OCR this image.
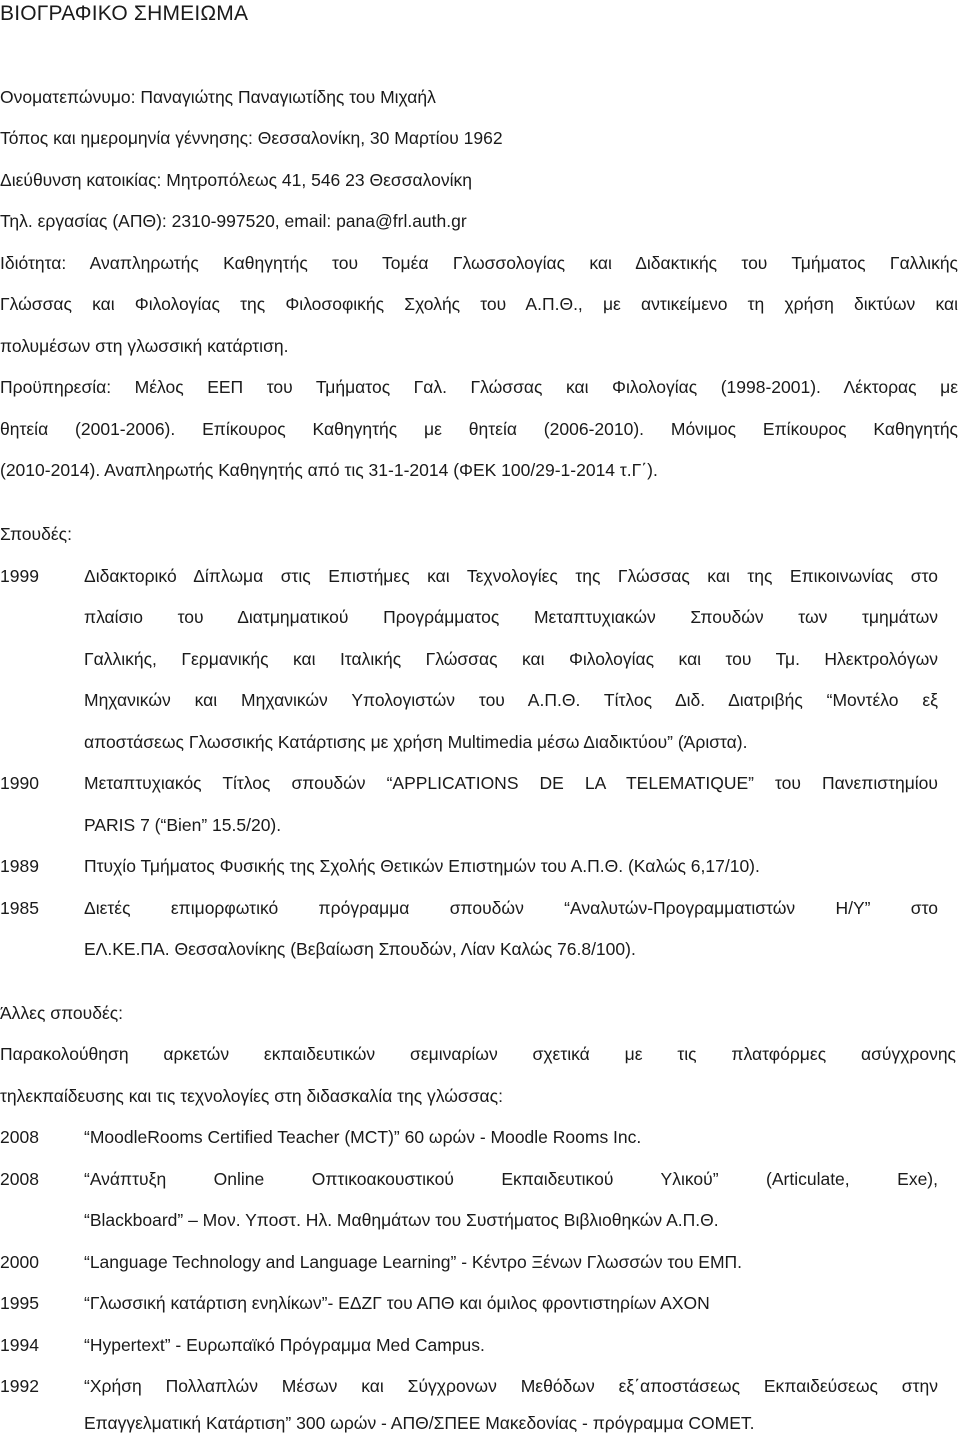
ΒΙΟΓΡΑΦΙΚΟ ΣΗΜΕΙΩΜΑ
Ονοματεπώνυμο: Παναγιώτης Παναγιωτίδης του Μιχαήλ
Τόπος και ημερομηνία γέννησης: Θεσσαλονίκη, 30 Μαρτίου 1962
Διεύθυνση κατοικίας: Μητροπόλεως 41, 546 23 Θεσσαλονίκη
Τηλ. εργασίας (ΑΠΘ): 2310-997520, email: pana@frl.auth.gr
Ιδιότητα: Αναπληρωτής Καθηγητής του Τομέα Γλωσσολογίας και Διδακτικής του Τμήματος Γαλλικής
Γλώσσας και Φιλολογίας της Φιλοσοφικής Σχολής του Α.Π.Θ., με αντικείμενο τη χρήση δικτύων και
πολυμέσων στη γλωσσική κατάρτιση.
Προϋπηρεσία: Μέλος ΕΕΠ του Τμήματος Γαλ. Γλώσσας και Φιλολογίας (1998-2001). Λέκτορας με
θητεία (2001-2006). Επίκουρος Καθηγητής με θητεία (2006-2010). Μόνιμος Επίκουρος Καθηγητής
(2010-2014). Αναπληρωτής Καθηγητής από τις 31-1-2014 (ΦΕΚ 100/29-1-2014 τ.Γ΄).
Σπουδές:
1999	Διδακτορικό Δίπλωμα στις Επιστήμες και Τεχνολογίες της Γλώσσας και της Επικοινωνίας στο
πλαίσιο του Διατμηματικού Προγράμματος Μεταπτυχιακών Σπουδών των τμημάτων
Γαλλικής, Γερμανικής και Ιταλικής Γλώσσας και Φιλολογίας και του Τμ. Ηλεκτρολόγων
Μηχανικών και Μηχανικών Υπολογιστών του Α.Π.Θ. Τίτλος Διδ. Διατριβής “Μοντέλο εξ
αποστάσεως Γλωσσικής Κατάρτισης με χρήση Multimedia μέσω Διαδικτύου” (Άριστα).
1990	Μεταπτυχιακός Τίτλος σπουδών “APPLICATIONS DE LA TELEMATIQUE” του Πανεπιστημίου
PARIS 7 (“Bien” 15.5/20).
1989	Πτυχίο Τμήματος Φυσικής της Σχολής Θετικών Επιστημών του Α.Π.Θ. (Καλώς 6,17/10).
1985	Διετές επιμορφωτικό πρόγραμμα σπουδών “Αναλυτών-Προγραμματιστών Η/Υ” στο
ΕΛ.ΚΕ.ΠΑ. Θεσσαλονίκης (Βεβαίωση Σπουδών, Λίαν Καλώς 76.8/100).
Άλλες σπουδές:
Παρακολούθηση αρκετών εκπαιδευτικών σεμιναρίων σχετικά με τις πλατφόρμες ασύγχρονης
τηλεκπαίδευσης και τις τεχνολογίες στη διδασκαλία της γλώσσας:
2008	“MoodleRooms Certified Teacher (MCT)” 60 ωρών - Moodle Rooms Inc.
2008	“Ανάπτυξη Online Οπτικοακουστικού Εκπαιδευτικού Υλικού” (Articulate, Exe),
“Blackboard” – Μον. Υποστ. Ηλ. Μαθημάτων του Συστήματος Βιβλιοθηκών Α.Π.Θ.
2000	“Language Technology and Language Learning” - Κέντρο Ξένων Γλωσσών του ΕΜΠ.
1995	“Γλωσσική κατάρτιση ενηλίκων”- ΕΔΖΓ του ΑΠΘ και όμιλος φροντιστηρίων ΑΧΟΝ
1994	“Hypertext” - Ευρωπαϊκό Πρόγραμμα Med Campus.
1992	“Χρήση Πολλαπλών Μέσων και Σύγχρονων Μεθόδων εξ΄αποστάσεως Εκπαιδεύσεως στην
Επαγγελματική Κατάρτιση” 300 ωρών - ΑΠΘ/ΣΠΕΕ Μακεδονίας - πρόγραμμα COMET.
